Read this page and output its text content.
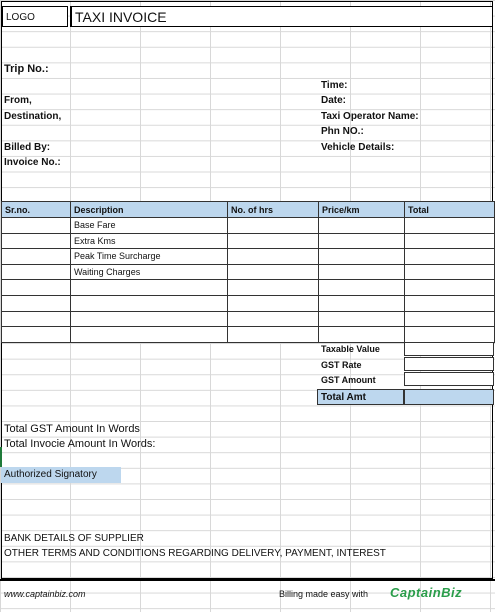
LOGO	TAXI INVOICE
Trip No.:
From,
Destination,
Billed By:
Invoice No.:
Time:
Date:
Taxi Operator Name:
Phn NO.:
Vehicle Details:
Sr.no.	Description	No. of hrs	Price/km	Total
	Base Fare			
	Extra Kms			
	Peak Time Surcharge			
	Waiting Charges			

Taxable Value
GST Rate
GST Amount
Total Amt
Total GST Amount In Words
Total Invocie Amount In Words:
Authorized Signatory
BANK DETAILS OF SUPPLIER
OTHER TERMS AND CONDITIONS REGARDING DELIVERY, PAYMENT, INTEREST
www.captainbiz.com	Billing made easy with CaptainBiz
